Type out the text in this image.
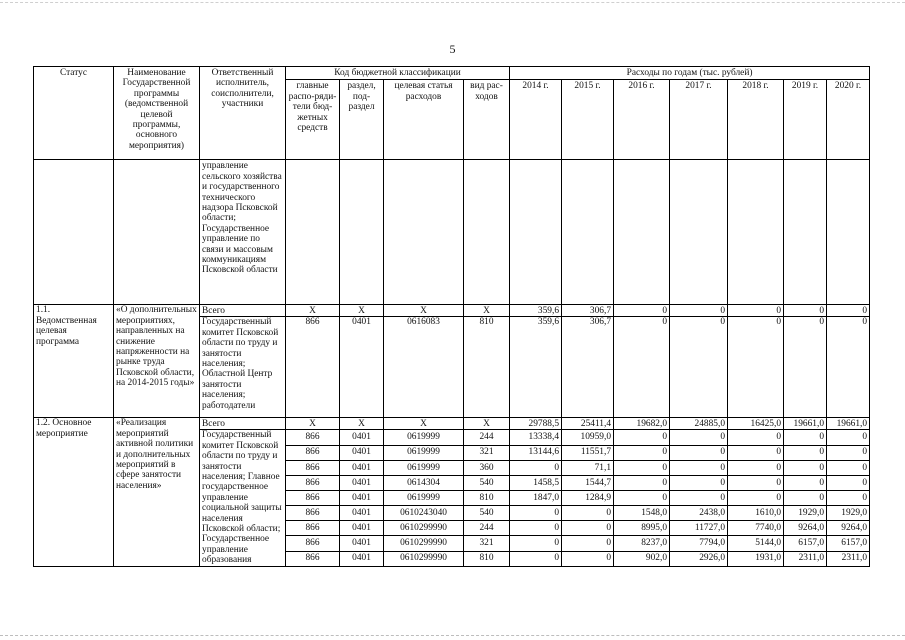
5
Статус	Наименование Государственной программы (ведомственной целевой программы, основного мероприятия)	Ответственный исполнитель, соисполнители, участники	Код бюджетной классификации				Расходы по годам (тыс. рублей)						
			главные распо-ряди-тели бюд-жетных средств	раздел, под-раздел	целевая статья расходов	вид рас-ходов	2014 г.	2015 г.	2016 г.	2017 г.	2018 г.	2019 г.	2020 г.
		управление сельского хозяйства и государственного технического надзора Псковской области; Государственное управление по связи и массовым коммуникациям Псковской области											
1.1. Ведомственная целевая программа	«О дополнительных мероприятиях, направленных на снижение напряженности на рынке труда Псковской области, на 2014-2015 годы»	Всего	Х	Х	Х	Х	359,6	306,7	0	0	0	0	0
		Государственный комитет Псковской области по труду и занятости населения; Областной Центр занятости населения; работодатели	866	0401	0616083	810	359,6	306,7	0	0	0	0	0
1.2. Основное мероприятие	«Реализация мероприятий активной политики и дополнительных мероприятий в сфере занятости населения»	Всего	Х	Х	Х	Х	29788,5	25411,4	19682,0	24885,0	16425,0	19661,0	19661,0
		Государственный комитет Псковской области по труду и занятости населения; Главное государственное управление социальной защиты населения Псковской области; Государственное управление образования	866	0401	0619999	244	13338,4	10959,0	0	0	0	0	0
			866	0401	0619999	321	13144,6	11551,7	0	0	0	0	0
			866	0401	0619999	360	0	71,1	0	0	0	0	0
			866	0401	0614304	540	1458,5	1544,7	0	0	0	0	0
			866	0401	0619999	810	1847,0	1284,9	0	0	0	0	0
			866	0401	0610243040	540	0	0	1548,0	2438,0	1610,0	1929,0	1929,0
			866	0401	0610299990	244	0	0	8995,0	11727,0	7740,0	9264,0	9264,0
			866	0401	0610299990	321	0	0	8237,0	7794,0	5144,0	6157,0	6157,0
			866	0401	0610299990	810	0	0	902,0	2926,0	1931,0	2311,0	2311,0
